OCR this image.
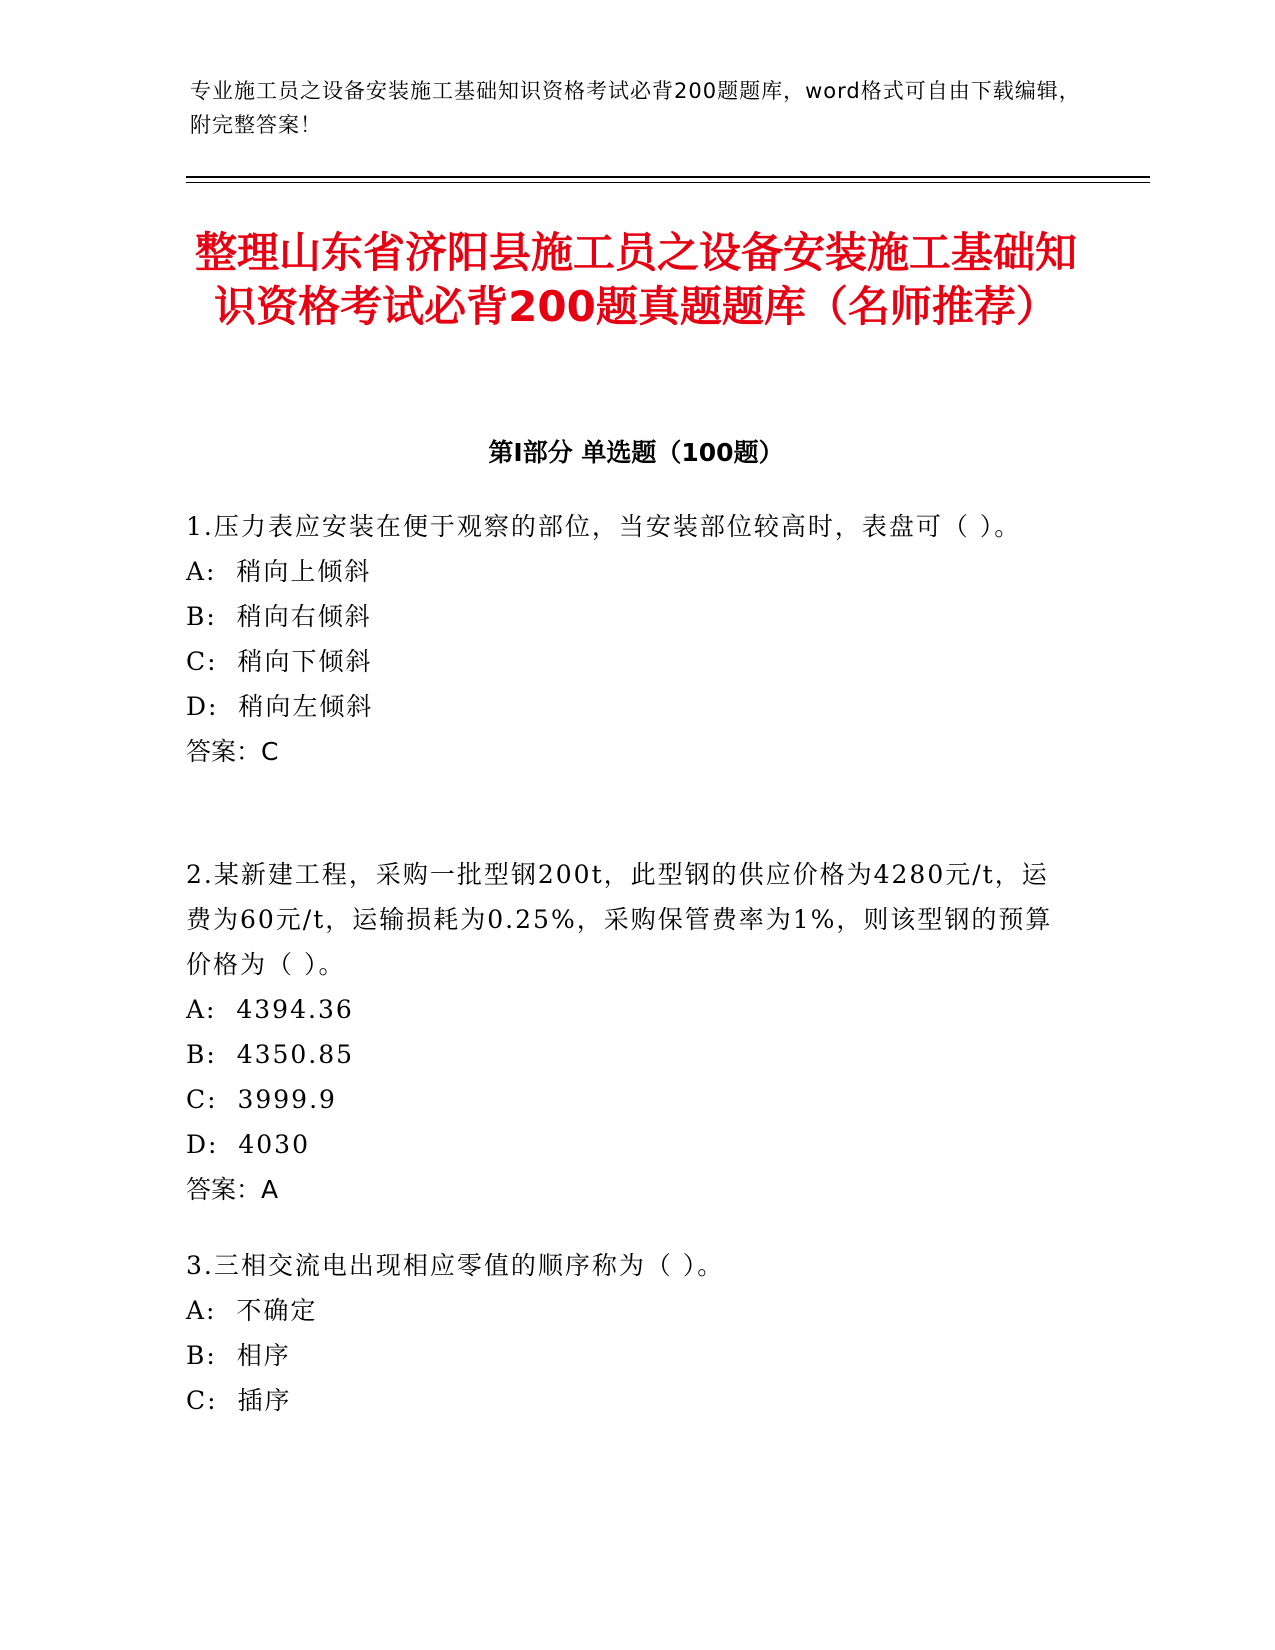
专业施工员之设备安装施工基础知识资格考试必背200题题库，word格式可自由下载编辑，附完整答案！
整理山东省济阳县施工员之设备安装施工基础知识资格考试必背200题真题题库（名师推荐）
第Ⅰ部分 单选题（100题）

1.压力表应安装在便于观察的部位，当安装部位较高时，表盘可（ ）。

A:  稍向上倾斜

B:  稍向右倾斜

C:  稍向下倾斜

D:  稍向左倾斜

答案：C

2.某新建工程，采购一批型钢200t，此型钢的供应价格为4280元/t，运费为60元/t，运输损耗为0.25%，采购保管费率为1%，则该型钢的预算价格为（ ）。

A:  4394.36

B:  4350.85

C:  3999.9

D:  4030

答案：A

3.三相交流电出现相应零值的顺序称为（ ）。

A:  不确定

B:  相序

C:  插序
